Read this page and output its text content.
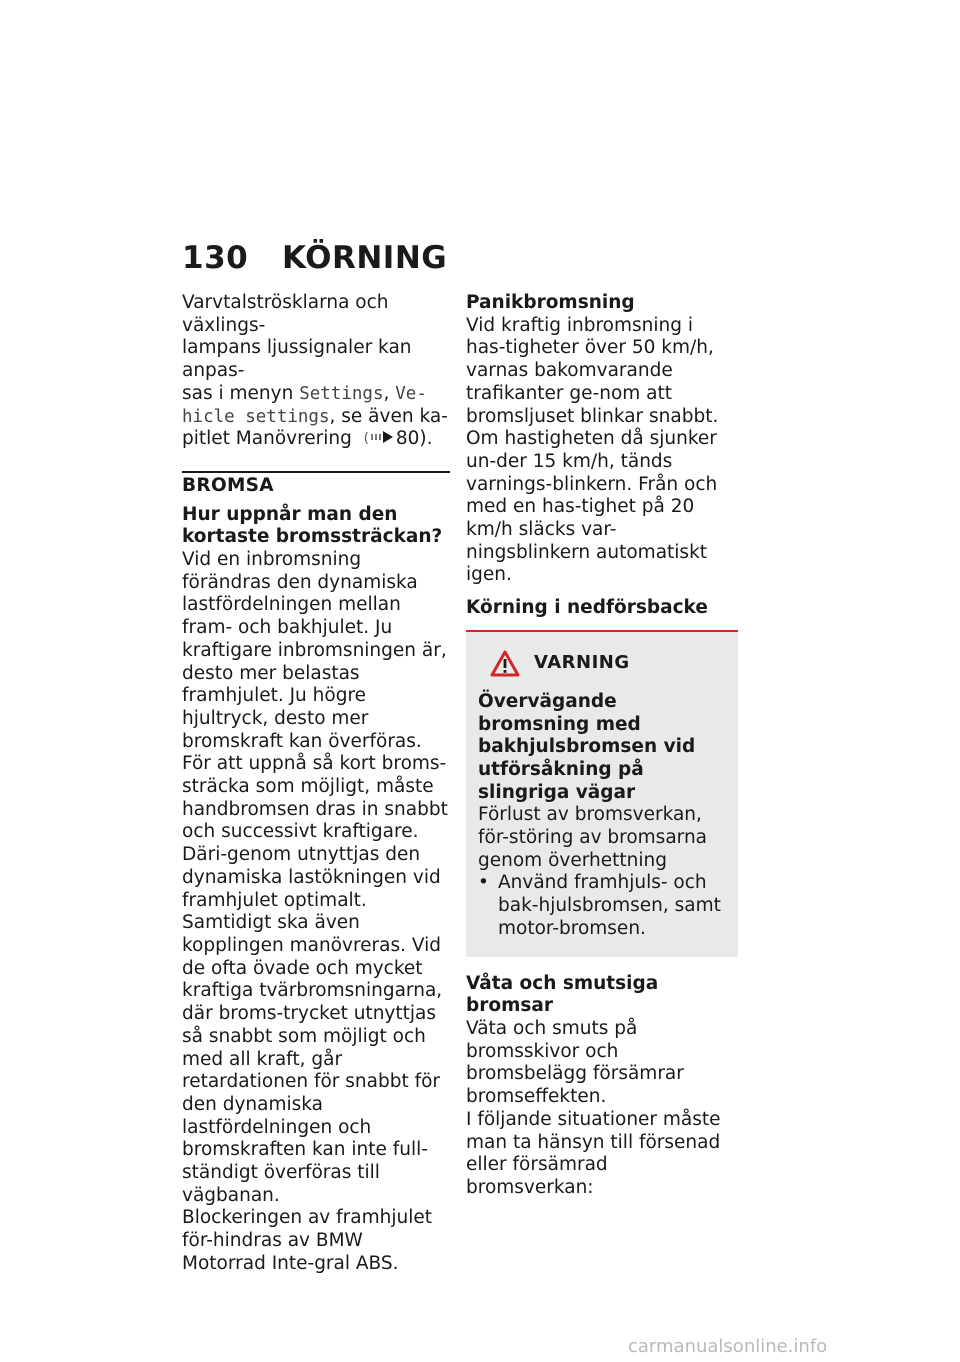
130 KÖRNING

Varvtalströsklarna och växlings-
lampans ljussignaler kan anpas-
sas i menyn Settings, Ve-
hicle settings, se även ka-
pitlet Manövrering ( 80).

BROMSA

Hur uppnår man den kortaste bromssträckan?

Vid en inbromsning förändras den dynamiska lastfördelningen mellan fram- och bakhjulet. Ju kraftigare inbromsningen är, desto mer belastas framhjulet. Ju högre hjultryck, desto mer bromskraft kan överföras.

För att uppnå så kort broms-sträcka som möjligt, måste handbromsen dras in snabbt och successivt kraftigare. Däri-genom utnyttjas den dynamiska lastökningen vid framhjulet optimalt. Samtidigt ska även kopplingen manövreras. Vid de ofta övade och mycket kraftiga tvärbromsningarna, där broms-trycket utnyttjas så snabbt som möjligt och med all kraft, går retardationen för snabbt för den dynamiska lastfördelningen och bromskraften kan inte full-ständigt överföras till vägbanan.

Blockeringen av framhjulet för-hindras av BMW Motorrad Inte-gral ABS.

Panikbromsning

Vid kraftig inbromsning i has-tigheter över 50 km/h, varnas bakomvarande trafikanter ge-nom att bromsljuset blinkar snabbt.

Om hastigheten då sjunker un-der 15 km/h, tänds varnings-blinkern. Från och med en has-tighet på 20 km/h släcks var-ningsblinkern automatiskt igen.

Körning i nedförsbacke

VARNING

Övervägande bromsning med bakhjulsbromsen vid utförsåkning på slingriga vägar

Förlust av bromsverkan, för-störing av bromsarna genom överhettning

• Använd framhjuls- och bak-hjulsbromsen, samt motor-bromsen.

Våta och smutsiga bromsar

Väta och smuts på bromsskivor och bromsbelägg försämrar bromseffekten.

I följande situationer måste man ta hänsyn till försenad eller försämrad bromsverkan:

carmanualsonline.info
